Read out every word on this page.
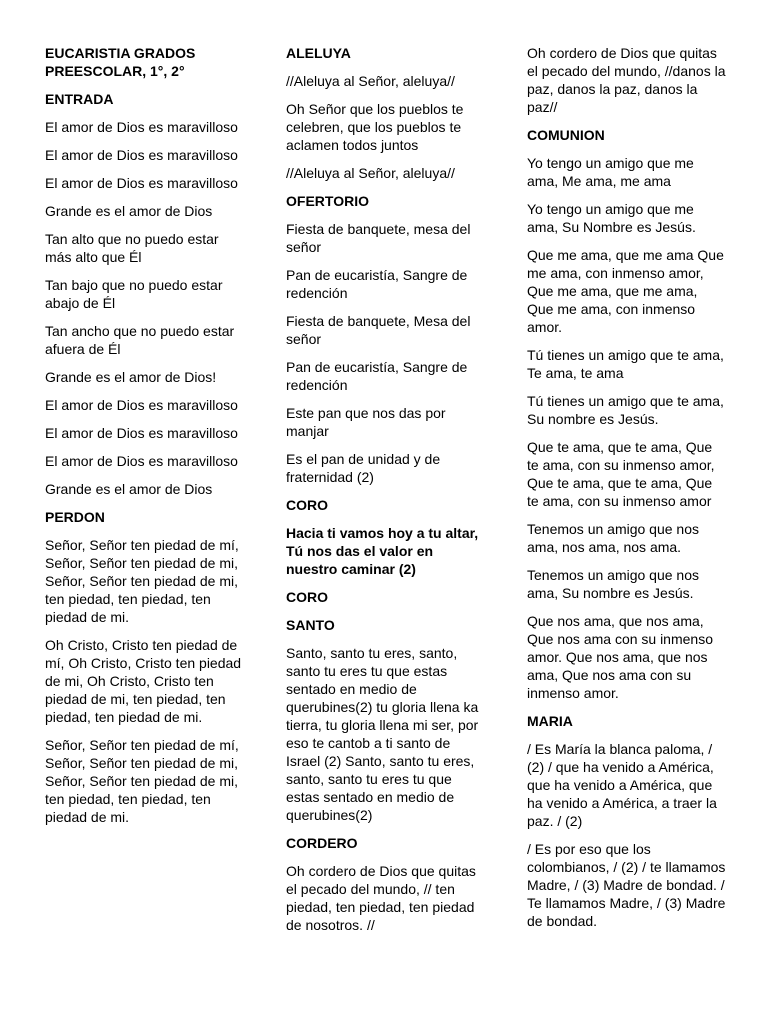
EUCARISTIA GRADOS PREESCOLAR, 1°, 2°
ENTRADA
El amor de Dios es maravilloso
El amor de Dios es maravilloso
El amor de Dios es maravilloso
Grande es el amor de Dios
Tan alto que no puedo estar más alto que Él
Tan bajo que no puedo estar abajo de Él
Tan ancho que no puedo estar afuera de Él
Grande es el amor de Dios!
El amor de Dios es maravilloso
El amor de Dios es maravilloso
El amor de Dios es maravilloso
Grande es el amor de Dios
PERDON
Señor, Señor ten piedad de mí, Señor, Señor ten piedad de mi, Señor, Señor ten piedad de mi, ten piedad, ten piedad, ten piedad de mi.
Oh Cristo, Cristo ten piedad de mí, Oh Cristo, Cristo ten piedad de mi, Oh Cristo, Cristo ten piedad de mi, ten piedad, ten piedad, ten piedad de mi.
Señor, Señor ten piedad de mí, Señor, Señor ten piedad de mi, Señor, Señor ten piedad de mi, ten piedad, ten piedad, ten piedad de mi.
ALELUYA
//Aleluya al Señor, aleluya//
Oh Señor que los pueblos te celebren, que los pueblos te aclamen todos juntos
//Aleluya al Señor, aleluya//
OFERTORIO
Fiesta de banquete, mesa del señor
Pan de eucaristía, Sangre de redención
Fiesta de banquete, Mesa del señor
Pan de eucaristía, Sangre de redención
Este pan que nos das por manjar
Es el pan de unidad y de fraternidad (2)
CORO
Hacia ti vamos hoy a tu altar, Tú nos das el valor en nuestro caminar (2)
CORO
SANTO
Santo, santo tu eres, santo, santo tu eres tu que estas sentado en medio de querubines(2) tu gloria llena ka tierra, tu gloria llena mi ser, por eso te cantob a ti santo de Israel (2) Santo, santo tu eres, santo, santo tu eres tu que estas sentado en medio de querubines(2)
CORDERO
Oh cordero de Dios que quitas el pecado del mundo, // ten piedad, ten piedad, ten piedad de nosotros. //
Oh cordero de Dios que quitas el pecado del mundo, //danos la paz, danos la paz, danos la paz//
COMUNION
Yo tengo un amigo que me ama, Me ama, me ama
Yo tengo un amigo que me ama, Su Nombre es Jesús.
Que me ama, que me ama Que me ama, con inmenso amor, Que me ama, que me ama, Que me ama, con inmenso amor.
Tú tienes un amigo que te ama, Te ama, te ama
Tú tienes un amigo que te ama, Su nombre es Jesús.
Que te ama, que te ama, Que te ama, con su inmenso amor, Que te ama, que te ama, Que te ama, con su inmenso amor
Tenemos un amigo que nos ama, nos ama, nos ama.
Tenemos un amigo que nos ama, Su nombre es Jesús.
Que nos ama, que nos ama, Que nos ama con su inmenso amor. Que nos ama, que nos ama, Que nos ama con su inmenso amor.
MARIA
/ Es María la blanca paloma, / (2) / que ha venido a América, que ha venido a América, que ha venido a América, a traer la paz. / (2)
/ Es por eso que los colombianos, / (2) / te llamamos Madre, / (3) Madre de bondad. / Te llamamos Madre, / (3) Madre de bondad.
